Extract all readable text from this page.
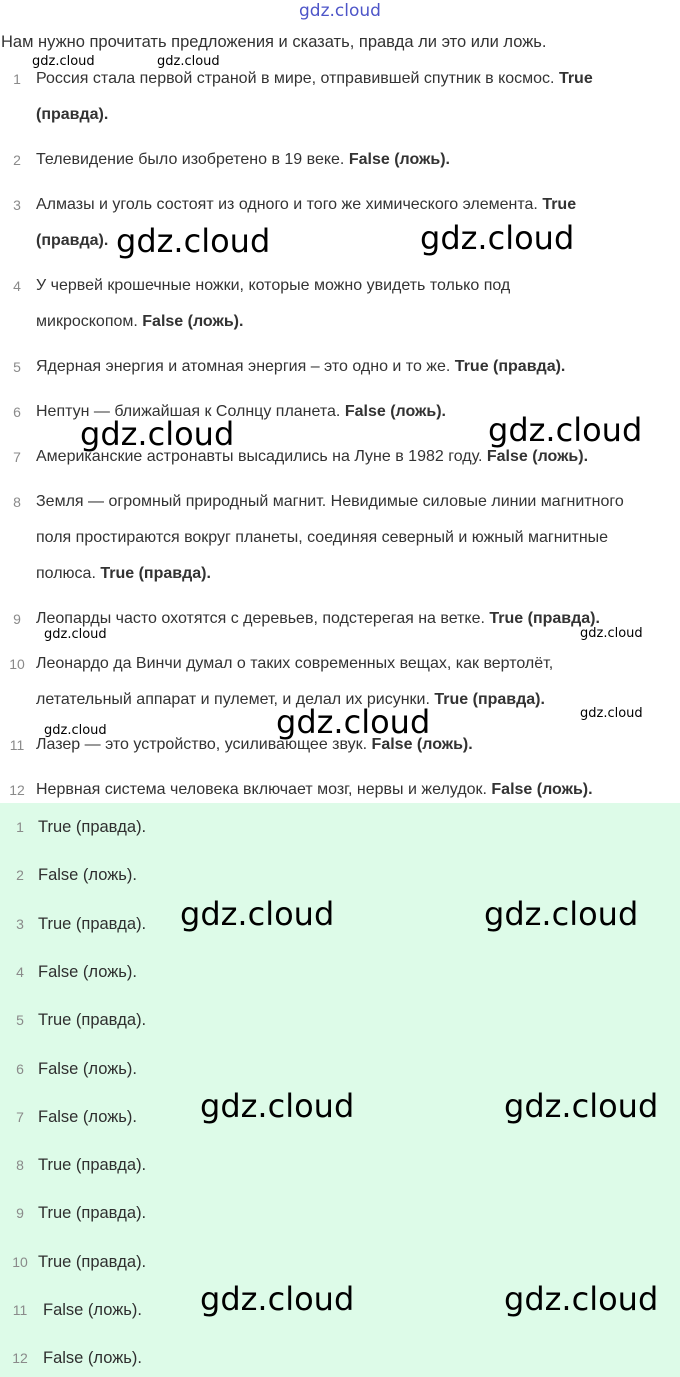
gdz.cloud
Нам нужно прочитать предложения и сказать, правда ли это или ложь.
1 Россия стала первой страной в мире, отправившей спутник в космос. True (правда).
2 Телевидение было изобретено в 19 веке. False (ложь).
3 Алмазы и уголь состоят из одного и того же химического элемента. True (правда).
4 У червей крошечные ножки, которые можно увидеть только под микроскопом. False (ложь).
5 Ядерная энергия и атомная энергия – это одно и то же. True (правда).
6 Нептун — ближайшая к Солнцу планета. False (ложь).
7 Американские астронавты высадились на Луне в 1982 году. False (ложь).
8 Земля — огромный природный магнит. Невидимые силовые линии магнитного поля простираются вокруг планеты, соединяя северный и южный магнитные полюса. True (правда).
9 Леопарды часто охотятся с деревьев, подстерегая на ветке. True (правда).
10 Леонардо да Винчи думал о таких современных вещах, как вертолёт, летательный аппарат и пулемет, и делал их рисунки. True (правда).
11 Лазер — это устройство, усиливающее звук. False (ложь).
12 Нервная система человека включает мозг, нервы и желудок. False (ложь).
1 True (правда).
2 False (ложь).
3 True (правда).
4 False (ложь).
5 True (правда).
6 False (ложь).
7 False (ложь).
8 True (правда).
9 True (правда).
10 True (правда).
11 False (ложь).
12 False (ложь).
gdz.cloud	gdz.cloud
gdz.cloud	gdz.cloud
gdz.cloud	gdz.cloud
gdz.cloud	gdz.cloud
gdz.cloud	gdz.cloud	gdz.cloud
gdz.cloud	gdz.cloud
gdz.cloud	gdz.cloud
gdz.cloud	gdz.cloud
